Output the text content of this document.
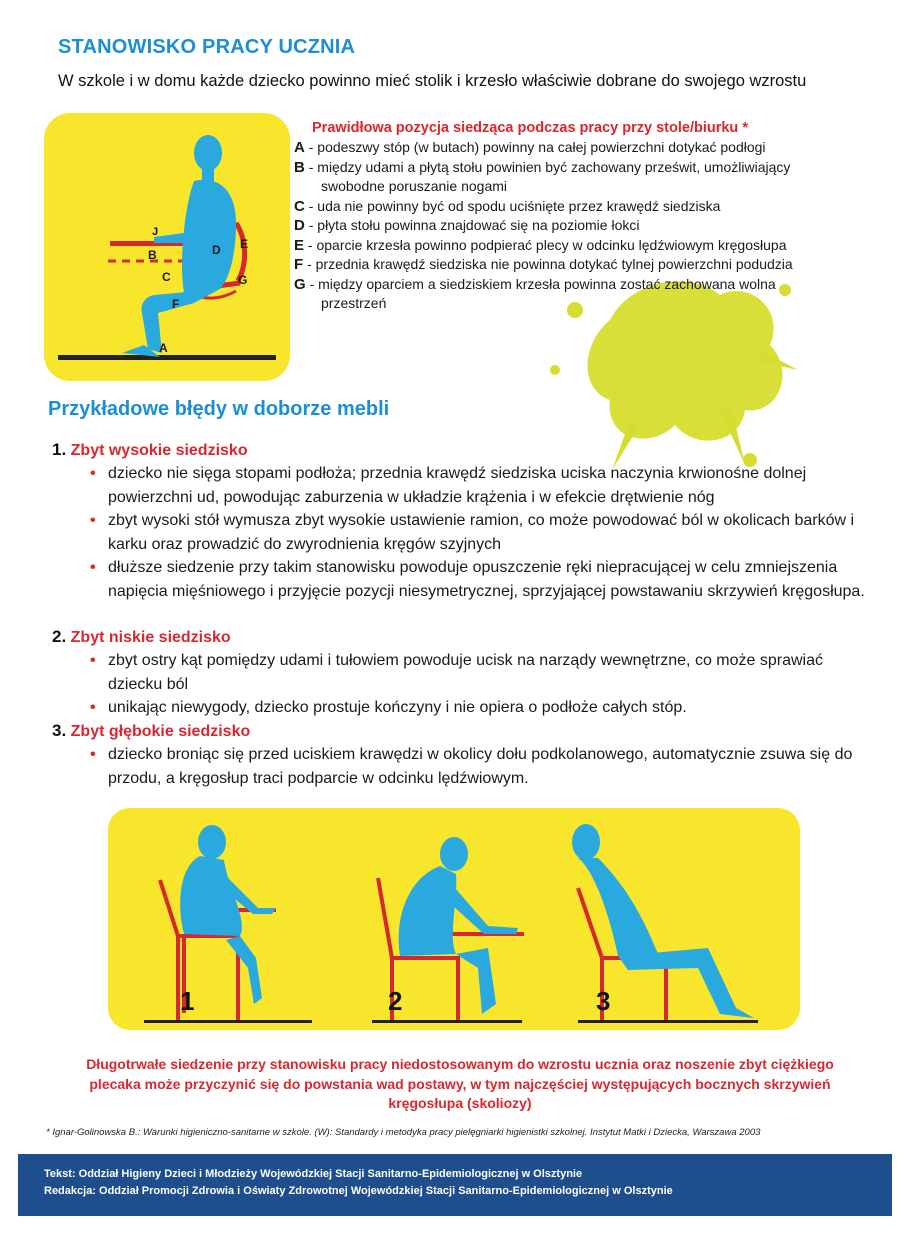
STANOWISKO PRACY UCZNIA
W szkole i w domu każde dziecko powinno mieć stolik i krzesło właściwie dobrane do swojego wzrostu
J
B
C
D E
F
G
A
Prawidłowa pozycja siedząca podczas pracy przy stole/biurku *
A - podeszwy stóp (w butach) powinny na całej powierzchni dotykać podłogi
B - między udami a płytą stołu powinien być zachowany prześwit, umożliwiający
swobodne poruszanie nogami
C - uda nie powinny być od spodu uciśnięte przez krawędź siedziska
D - płyta stołu powinna znajdować się na poziomie łokci
E - oparcie krzesła powinno podpierać plecy w odcinku lędźwiowym kręgosłupa
F - przednia krawędź siedziska nie powinna dotykać tylnej powierzchni podudzia
G - między oparciem a siedziskiem krzesła powinna zostać zachowana wolna
przestrzeń
Przykładowe błędy w doborze mebli
1. Zbyt wysokie siedzisko
• dziecko nie sięga stopami podłoża; przednia krawędź siedziska uciska naczynia krwionośne dolnej powierzchni ud, powodując zaburzenia w układzie krążenia i w efekcie drętwienie nóg
• zbyt wysoki stół wymusza zbyt wysokie ustawienie ramion, co może powodować ból w okolicach barków i karku oraz prowadzić do zwyrodnienia kręgów szyjnych
• dłuższe siedzenie przy takim stanowisku powoduje opuszczenie ręki niepracującej w celu zmniejszenia napięcia mięśniowego i przyjęcie pozycji niesymetrycznej, sprzyjającej powstawaniu skrzywień kręgosłupa.
2. Zbyt niskie siedzisko
• zbyt ostry kąt pomiędzy udami i tułowiem powoduje ucisk na narządy wewnętrzne, co może sprawiać dziecku ból
• unikając niewygody, dziecko prostuje kończyny i nie opiera o podłoże całych stóp.
3. Zbyt głębokie siedzisko
• dziecko broniąc się przed uciskiem krawędzi w okolicy dołu podkolanowego, automatycznie zsuwa się do przodu, a kręgosłup traci podparcie w odcinku lędźwiowym.
1	2	3
Długotrwałe siedzenie przy stanowisku pracy niedostosowanym do wzrostu ucznia oraz noszenie zbyt ciężkiego plecaka może przyczynić się do powstania wad postawy, w tym najczęściej występujących bocznych skrzywień kręgosłupa (skoliozy)
* Ignar-Golinowska B.: Warunki higieniczno-sanitarne w szkole. (W): Standardy i metodyka pracy pielęgniarki higienistki szkolnej. Instytut Matki i Dziecka, Warszawa 2003
Tekst: Oddział Higieny Dzieci i Młodzieży Wojewódzkiej Stacji Sanitarno-Epidemiologicznej w Olsztynie
Redakcja: Oddział Promocji Zdrowia i Oświaty Zdrowotnej Wojewódzkiej Stacji Sanitarno-Epidemiologicznej w Olsztynie
